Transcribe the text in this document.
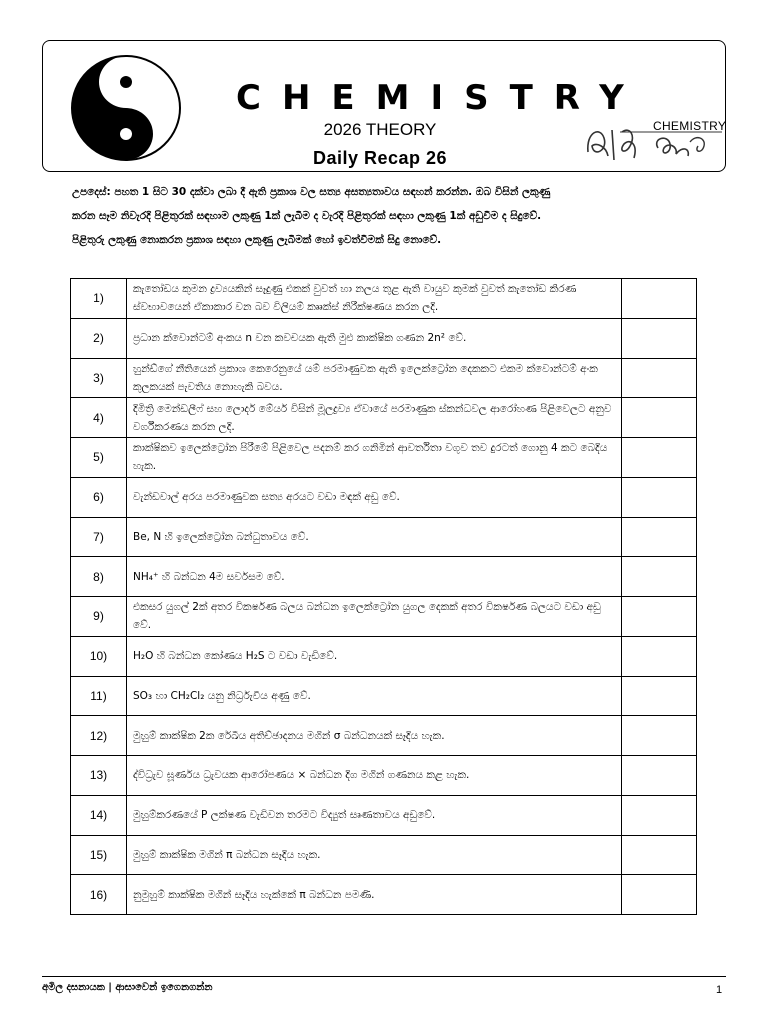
CHEMISTRY
2026 THEORY
Daily Recap 26
CHEMISTRY
උපදෙස්: පහත 1 සිට 30 දක්වා ලබා දී ඇති ප්‍රකාශ වල සත්‍ය අසත්‍යතාවය සඳහන් කරන්න. ඔබ විසින් ලකුණු
කරන සෑම නිවැරදි පිළිතුරක් සඳහාම ලකුණු 1ක් ලැබීම ද වැරදි පිළිතුරක් සඳහා ලකුණු 1ක් අඩුවීම ද සිදුවේ.
පිළිතුරු ලකුණු නොකරන ප්‍රකාශ සඳහා ලකුණු ලැබීමක් හෝ ඉවත්වීමක් සිදු නොවේ.
1)	කැතෝඩය කුමන ද්‍රව්‍යයකින් සෑදුණු එකක් වුවත් හා නලය තුළ ඇති වායුව කුමක් වුවත් කැතෝඩ කිරණ ස්වභාවයෙන් ඒකාකාර වන බව විලියම් ක්‍රූක්ස් නිරීක්ෂණය කරන ලදි.	
2)	ප්‍රධාන ක්වොන්ටම් අංකය n වන කවචයක ඇති මුළු කාක්ෂික ගණන 2n² වේ.	
3)	හුන්ඩ්ගේ නීතියෙන් ප්‍රකාශ කෙරෙනුයේ යම් පරමාණුවක ඇති ඉලෙක්ට්‍රෝන දෙකකට එකම ක්වොන්ටම් අංක කුලකයක් පැවතිය නොහැකි බවය.	
4)	දිමිත්‍රි මෙන්ඩලීෆ් සහ ලොදර් මේයර් විසින් මූලද්‍රව්‍ය ඒවායේ පරමාණුක ස්කන්ධවල ආරෝහණ පිළිවෙලට අනුව වර්ගීකරණය කරන ලදි.	
5)	කාක්ෂිකව ඉලෙක්ට්‍රෝන පිරීමේ පිළිවෙල පදනම් කර ගනිමින් ආවර්තිතා වගුව තව දුරටත් ගොනු 4 කට බෙදිය හැක.	
6)	වැන්ඩවාල් අරය පරමාණුවක සත්‍ය අරයට වඩා මඳක් අඩු වේ.	
7)	Be, N හි ඉලෙක්ට්‍රෝන බන්ධුතාවය වේ.	
8)	NH₄⁺ හි බන්ධන 4ම සර්වසම වේ.	
9)	එකසර යුගල් 2ක් අතර විකර්ෂණ බලය බන්ධන ඉලෙක්ට්‍රෝන යුගල දෙකක් අතර විකර්ෂණ බලයට වඩා අඩු වේ.	
10)	H₂O හි බන්ධන කෝණය H₂S ට වඩා වැඩිවේ.	
11)	SO₃ හා CH₂Cl₂ යනු නිර්ධ්‍රැවීය අණු වේ.	
12)	මුහුම් කාක්ෂික 2ක රේඛීය අතිච්ඡාදනය මගින් σ බන්ධනයක් සෑදිය හැක.	
13)	ද්විධ්‍රැව ඝූර්ණය ධ්‍රැවයක ආරෝපණය × බන්ධන දිග මගින් ගණනය කළ හැක.	
14)	මුහුම්කරණයේ P ලක්ෂණ වැඩිවන තරමට විද්‍යුත් සෘණතාවය අඩුවේ.	
15)	මුහුම් කාක්ෂික මගින් π බන්ධන සෑදිය හැක.	
16)	නුමුහුම් කාක්ෂික මගින් සෑදිය හැක්කේ π බන්ධන පමණි.	
අමිල දසනායක | ආසාවෙන් ඉගෙනගන්න	1
